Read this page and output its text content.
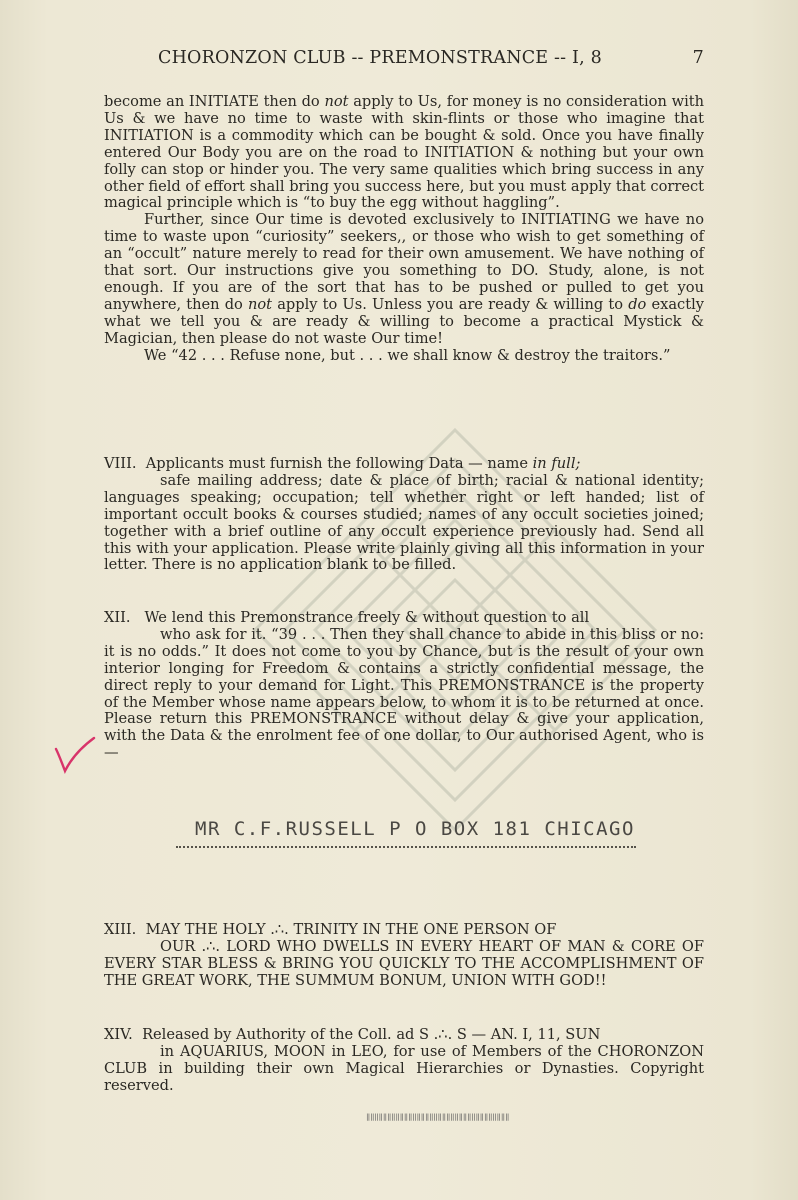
CHORONZON CLUB -- PREMONSTRANCE -- I, 8	7

become an INITIATE then do not apply to Us, for money is no consideration with Us & we have no time to waste with skin-flints or those who imagine that INITIATION is a commodity which can be bought & sold. Once you have finally entered Our Body you are on the road to INITIATION & nothing but your own folly can stop or hinder you. The very same qualities which bring success in any other field of effort shall bring you success here, but you must apply that correct magical principle which is “to buy the egg without haggling”.

Further, since Our time is devoted exclusively to INITIATING we have no time to waste upon “curiosity” seekers,, or those who wish to get something of an “occult” nature merely to read for their own amusement. We have nothing of that sort. Our instructions give you something to DO. Study, alone, is not enough. If you are of the sort that has to be pushed or pulled to get you anywhere, then do not apply to Us. Unless you are ready & willing to do exactly what we tell you & are ready & willing to become a practical Mystick & Magician, then please do not waste Our time!

We “42 . . . Refuse none, but . . . we shall know & destroy the traitors.”

VIII. Applicants must furnish the following Data — name in full;

safe mailing address; date & place of birth; racial & national identity; languages speaking; occupation; tell whether right or left handed; list of important occult books & courses studied; names of any occult societies joined; together with a brief outline of any occult experience previously had. Send all this with your application. Please write plainly giving all this information in your letter. There is no application blank to be filled.

XII. We lend this Premonstrance freely & without question to all

who ask for it. “39 . . . Then they shall chance to abide in this bliss or no: it is no odds.” It does not come to you by Chance, but is the result of your own interior longing for Freedom & contains a strictly confidential message, the direct reply to your demand for Light. This PREMONSTRANCE is the property of the Member whose name appears below, to whom it is to be returned at once. Please return this PREMONSTRANCE without delay & give your application, with the Data & the enrolment fee of one dollar, to Our authorised Agent, who is —

MR C.F.RUSSELL P O BOX 181 CHICAGO

XIII. MAY THE HOLY .∴. TRINITY IN THE ONE PERSON OF

OUR .∴. LORD WHO DWELLS IN EVERY HEART OF MAN & CORE OF EVERY STAR BLESS & BRING YOU QUICKLY TO THE ACCOMPLISHMENT OF THE GREAT WORK, THE SUMMUM BONUM, UNION WITH GOD!!

XIV. Released by Authority of the Coll. ad S .∴. S — AN. I, 11, SUN

in AQUARIUS, MOON in LEO, for use of Members of the CHORONZON CLUB in building their own Magical Hierarchies or Dynasties. Copyright reserved.

‖‖‖‖‖‖‖‖‖‖‖‖‖‖‖‖‖‖‖‖‖‖‖‖‖‖‖‖‖‖‖‖‖‖
